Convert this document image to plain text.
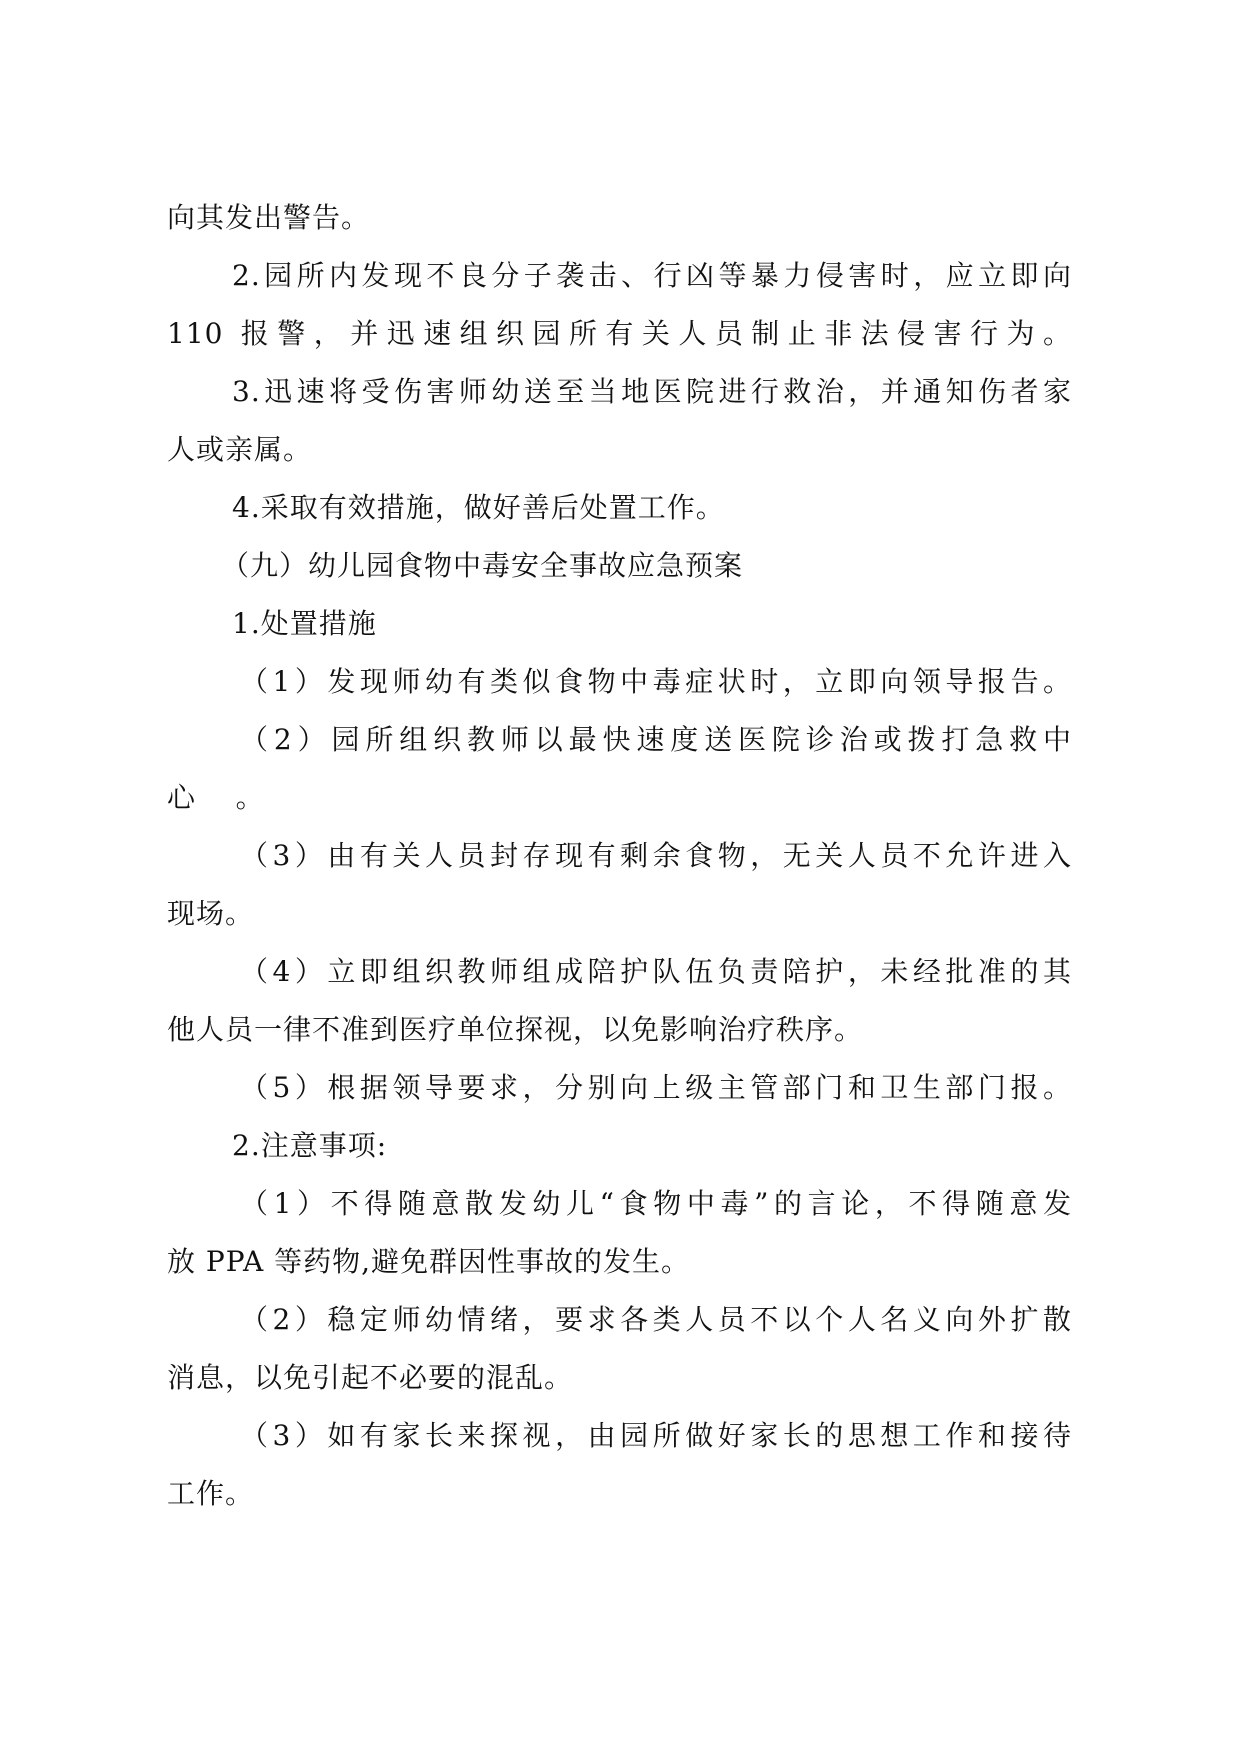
向其发出警告。
2.园所内发现不良分子袭击、行凶等暴力侵害时，应立即向
110 报警，并迅速组织园所有关人员制止非法侵害行为。
3.迅速将受伤害师幼送至当地医院进行救治，并通知伤者家
人或亲属。
4.采取有效措施，做好善后处置工作。
（九）幼儿园食物中毒安全事故应急预案
1.处置措施
（1）发现师幼有类似食物中毒症状时，立即向领导报告。
（2）园所组织教师以最快速度送医院诊治或拨打急救中
心    。
（3）由有关人员封存现有剩余食物，无关人员不允许进入
现场。
（4）立即组织教师组成陪护队伍负责陪护，未经批准的其
他人员一律不准到医疗单位探视，以免影响治疗秩序。
（5）根据领导要求，分别向上级主管部门和卫生部门报。
2.注意事项:
（1）不得随意散发幼儿“食物中毒”的言论，不得随意发
放 PPA 等药物,避免群因性事故的发生。
（2）稳定师幼情绪，要求各类人员不以个人名义向外扩散
消息，以免引起不必要的混乱。
（3）如有家长来探视，由园所做好家长的思想工作和接待
工作。
